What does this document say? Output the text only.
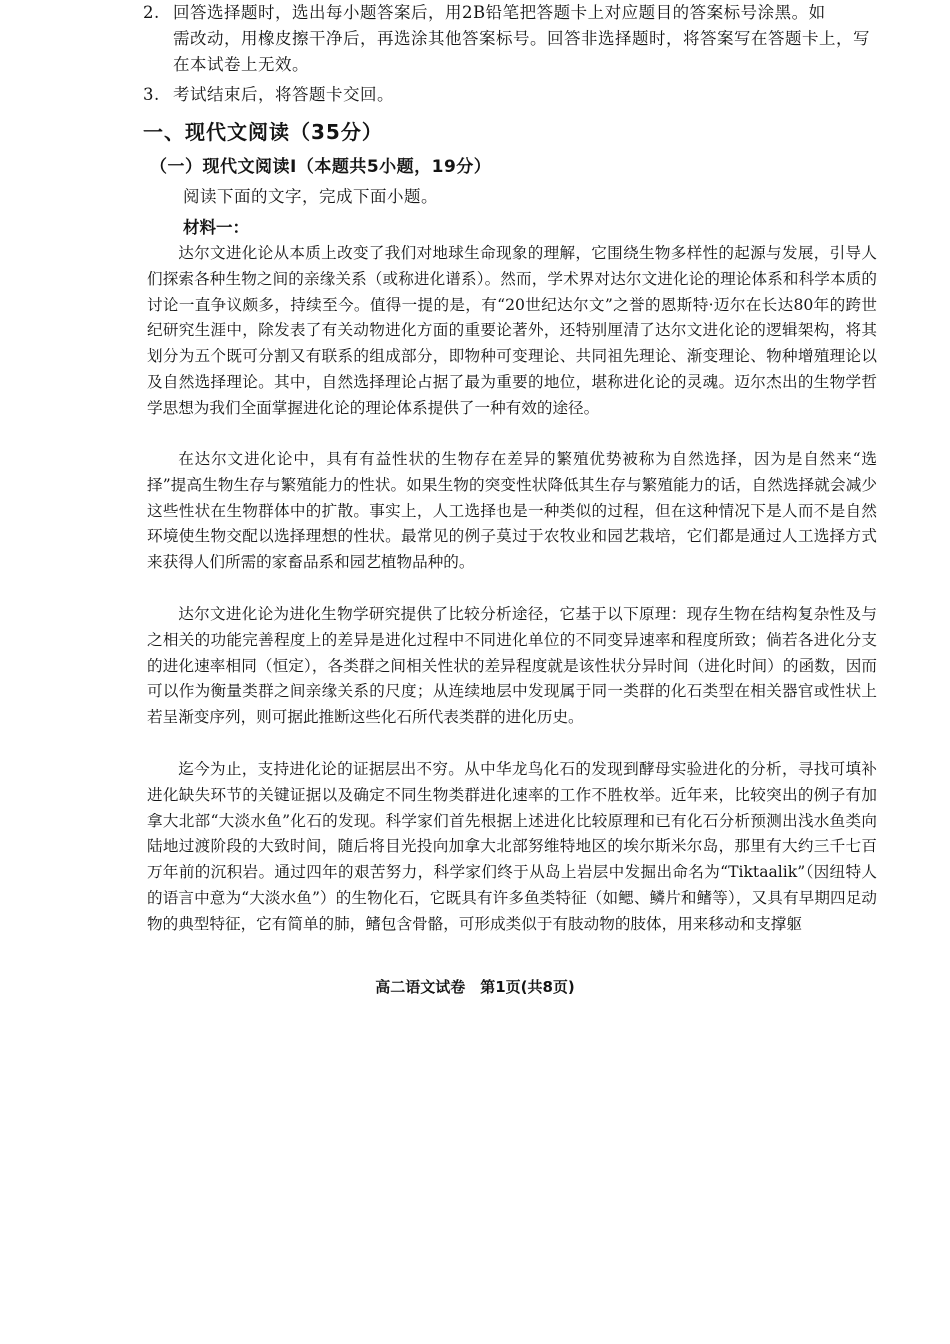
2. 回答选择题时，选出每小题答案后，用2B铅笔把答题卡上对应题目的答案标号涂黑。如
需改动，用橡皮擦干净后，再选涂其他答案标号。回答非选择题时，将答案写在答题卡上，写在本试卷上无效。
3. 考试结束后，将答题卡交回。
一、现代文阅读（35分）
（一）现代文阅读Ⅰ（本题共5小题，19分）
阅读下面的文字，完成下面小题。
材料一：

达尔文进化论从本质上改变了我们对地球生命现象的理解，它围绕生物多样性的起源与发展，引导人们探索各种生物之间的亲缘关系（或称进化谱系）。然而，学术界对达尔文进化论的理论体系和科学本质的讨论一直争议颇多，持续至今。值得一提的是，有“20世纪达尔文”之誉的恩斯特·迈尔在长达80年的跨世纪研究生涯中，除发表了有关动物进化方面的重要论著外，还特别厘清了达尔文进化论的逻辑架构，将其划分为五个既可分割又有联系的组成部分，即物种可变理论、共同祖先理论、渐变理论、物种增殖理论以及自然选择理论。其中，自然选择理论占据了最为重要的地位，堪称进化论的灵魂。迈尔杰出的生物学哲学思想为我们全面掌握进化论的理论体系提供了一种有效的途径。

在达尔文进化论中，具有有益性状的生物存在差异的繁殖优势被称为自然选择，因为是自然来“选择”提高生物生存与繁殖能力的性状。如果生物的突变性状降低其生存与繁殖能力的话，自然选择就会减少这些性状在生物群体中的扩散。事实上，人工选择也是一种类似的过程，但在这种情况下是人而不是自然环境使生物交配以选择理想的性状。最常见的例子莫过于农牧业和园艺栽培，它们都是通过人工选择方式来获得人们所需的家畜品系和园艺植物品种的。

达尔文进化论为进化生物学研究提供了比较分析途径，它基于以下原理：现存生物在结构复杂性及与之相关的功能完善程度上的差异是进化过程中不同进化单位的不同变异速率和程度所致；倘若各进化分支的进化速率相同（恒定），各类群之间相关性状的差异程度就是该性状分异时间（进化时间）的函数，因而可以作为衡量类群之间亲缘关系的尺度；从连续地层中发现属于同一类群的化石类型在相关器官或性状上若呈渐变序列，则可据此推断这些化石所代表类群的进化历史。

迄今为止，支持进化论的证据层出不穷。从中华龙鸟化石的发现到酵母实验进化的分析，寻找可填补进化缺失环节的关键证据以及确定不同生物类群进化速率的工作不胜枚举。近年来，比较突出的例子有加拿大北部“大淡水鱼”化石的发现。科学家们首先根据上述进化比较原理和已有化石分析预测出浅水鱼类向陆地过渡阶段的大致时间，随后将目光投向加拿大北部努维特地区的埃尔斯米尔岛，那里有大约三千七百万年前的沉积岩。通过四年的艰苦努力，科学家们终于从岛上岩层中发掘出命名为“Tiktaalik”（因纽特人的语言中意为“大淡水鱼”）的生物化石，它既具有许多鱼类特征（如鳃、鳞片和鳍等），又具有早期四足动物的典型特征，它有简单的肺，鳍包含骨骼，可形成类似于有肢动物的肢体，用来移动和支撑躯

高二语文试卷　第1页(共8页)
